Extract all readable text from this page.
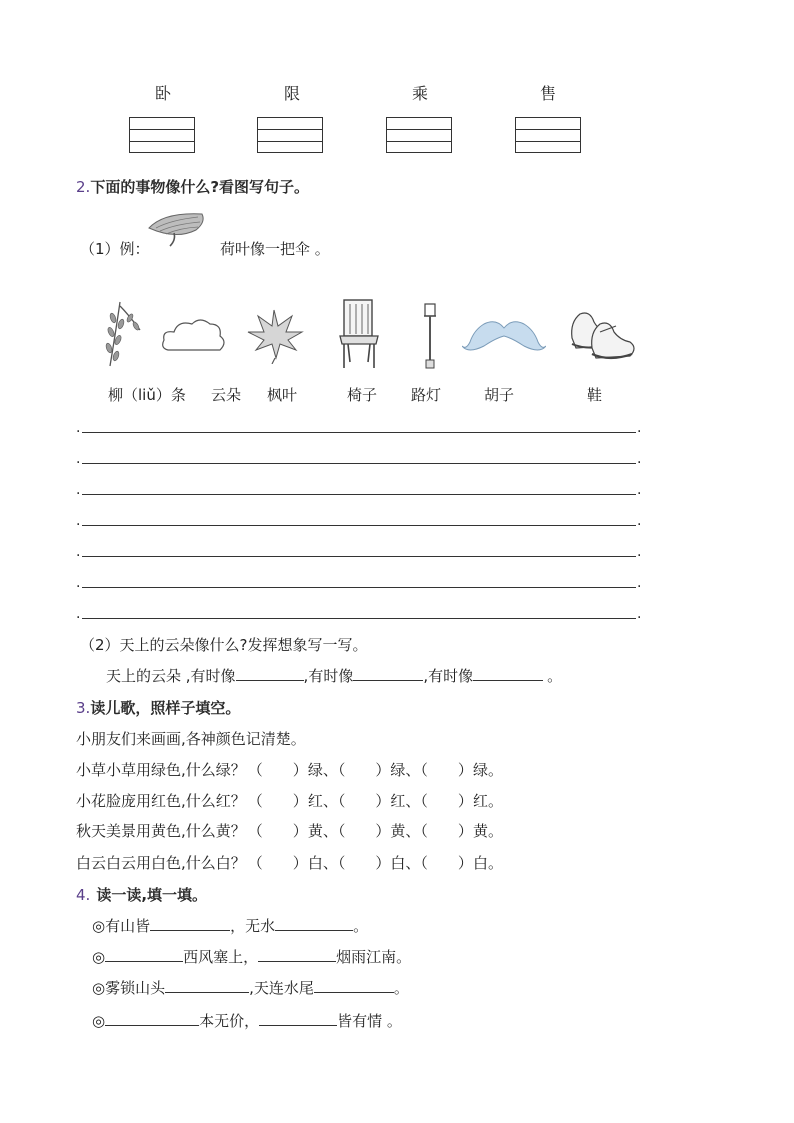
卧	限	乘	售
2.下面的事物像什么?看图写句子。
（1）例：	荷叶像一把伞 。
柳（liǔ）条 云朵 枫叶	椅子 路灯	胡子	鞋
.	.
.	.
.	.
.	.
.	.
.	.
.	.
（2）天上的云朵像什么?发挥想象写一写。
天上的云朵 ,有时像	,有时像	,有时像	。
3.读儿歌，照样子填空。
小朋友们来画画,各神颜色记清楚。
小草小草用绿色,什么绿？ （ ）绿、（ ）绿、（ ）绿。
小花脸庞用红色,什么红？ （ ）红、（ ）红、（ ）红。
秋天美景用黄色,什么黄？ （ ）黄、（ ）黄、（ ）黄。
白云白云用白色,什么白？ （ ）白、（ ）白、（ ）白。
4. 读一读,填一填。
◎有山皆	，无水	。
◎	西风塞上，	烟雨江南。
◎雾锁山头	,天连水尾	。
◎	本无价，	皆有情 。
